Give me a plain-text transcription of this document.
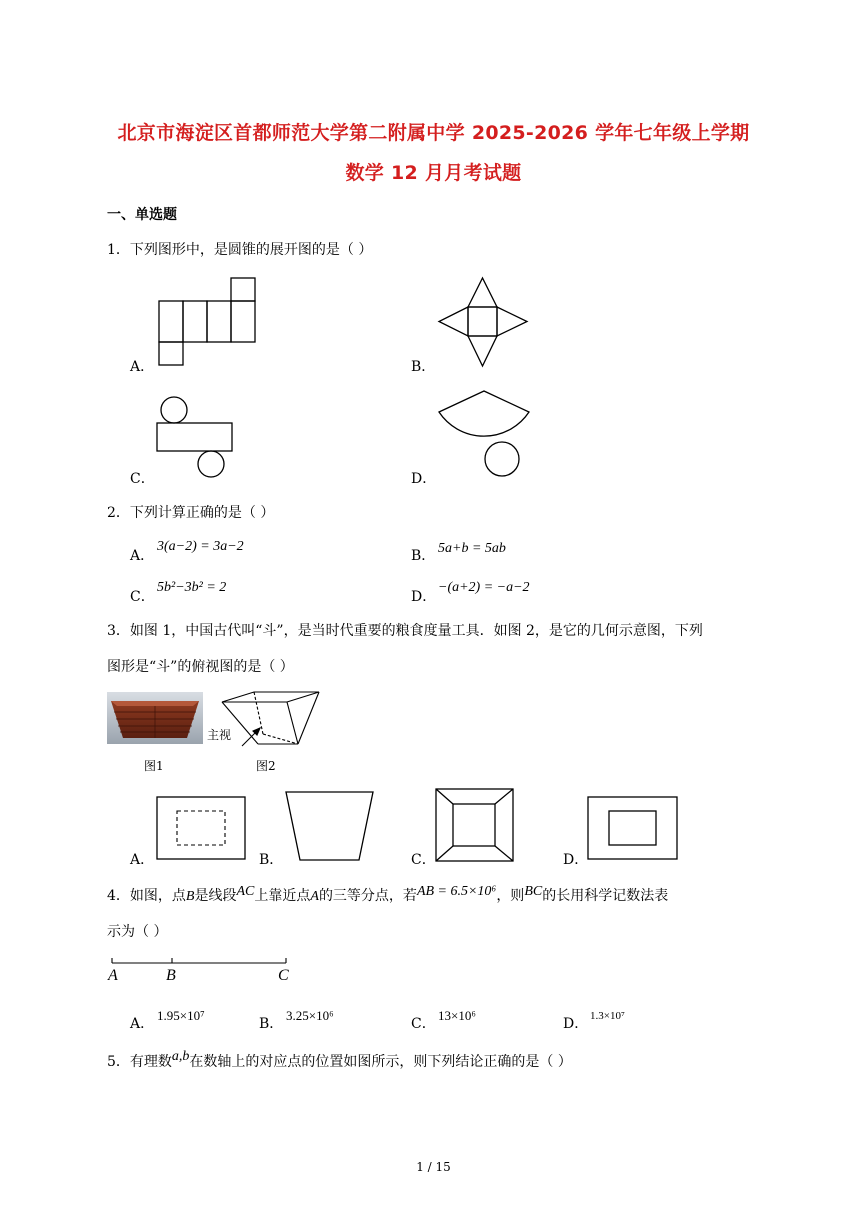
北京市海淀区首都师范大学第二附属中学 2025-2026 学年七年级上学期
数学 12 月月考试题
一、单选题
1．下列图形中，是圆锥的展开图的是（ ）
A．	B．
C．	D．
2．下列计算正确的是（ ）
A．
3(a−2) = 3a−2
B． 5a+b = 5ab
C．
5b²−3b² = 2
D．
−(a+2) = −a−2
3．如图 1，中国古代叫“斗”，是当时代重要的粮食度量工具．如图 2，是它的几何示意图，下列
图形是“斗”的俯视图的是（ ）
图1
主视
图2
A．	B．	C．	D．
4．如图，点B是线段AC上靠近点A的三等分点，若AB = 6.5×10⁶，则BC的长用科学记数法表
示为（ ）
A	B	C
A．
1.95×10⁷
B．
3.25×10⁶
C．
13×10⁶
D． 1.3×10⁷
5．有理数a,b在数轴上的对应点的位置如图所示，则下列结论正确的是（ ）
1 / 15
